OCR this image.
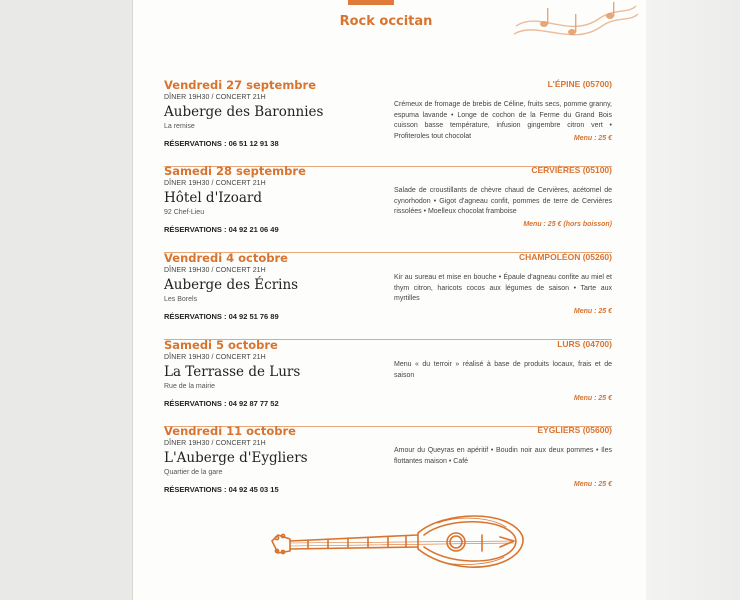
Rock occitan
Vendredi 27 septembre
DÎNER 19H30 / CONCERT 21H
Auberge des Baronnies
La remise
RÉSERVATIONS : 06 51 12 91 38
L'ÉPINE (05700)
Crémeux de fromage de brebis de Céline, fruits secs, pomme granny, espuma lavande • Longe de cochon de la Ferme du Grand Bois cuisson basse température, infusion gingembre citron vert • Profiteroles tout chocolat	Menu : 25 €
Samedi 28 septembre
DÎNER 19H30 / CONCERT 21H
Hôtel d'Izoard
92 Chef-Lieu
RÉSERVATIONS : 04 92 21 06 49
CERVIÈRES (05100)
Salade de croustillants de chèvre chaud de Cervières, acétomel de cynorhodon • Gigot d'agneau confit, pommes de terre de Cervières rissolées • Moelleux chocolat framboise
Menu : 25 € (hors boisson)
Vendredi 4 octobre
DÎNER 19H30 / CONCERT 21H
Auberge des Écrins
Les Borels
RÉSERVATIONS : 04 92 51 76 89
CHAMPOLÉON (05260)
Kir au sureau et mise en bouche • Épaule d'agneau confite au miel et thym citron, haricots cocos aux légumes de saison • Tarte aux myrtilles
Menu : 25 €
Samedi 5 octobre
DÎNER 19H30 / CONCERT 21H
La Terrasse de Lurs
Rue de la mairie
RÉSERVATIONS : 04 92 87 77 52
LURS (04700)
Menu « du terroir » réalisé à base de produits locaux, frais et de saison
Menu : 25 €
Vendredi 11 octobre
DÎNER 19H30 / CONCERT 21H
L'Auberge d'Eygliers
Quartier de la gare
RÉSERVATIONS : 04 92 45 03 15
EYGLIERS (05600)
Amour du Queyras en apéritif • Boudin noir aux deux pommes • Iles flottantes maison • Café
Menu : 25 €
